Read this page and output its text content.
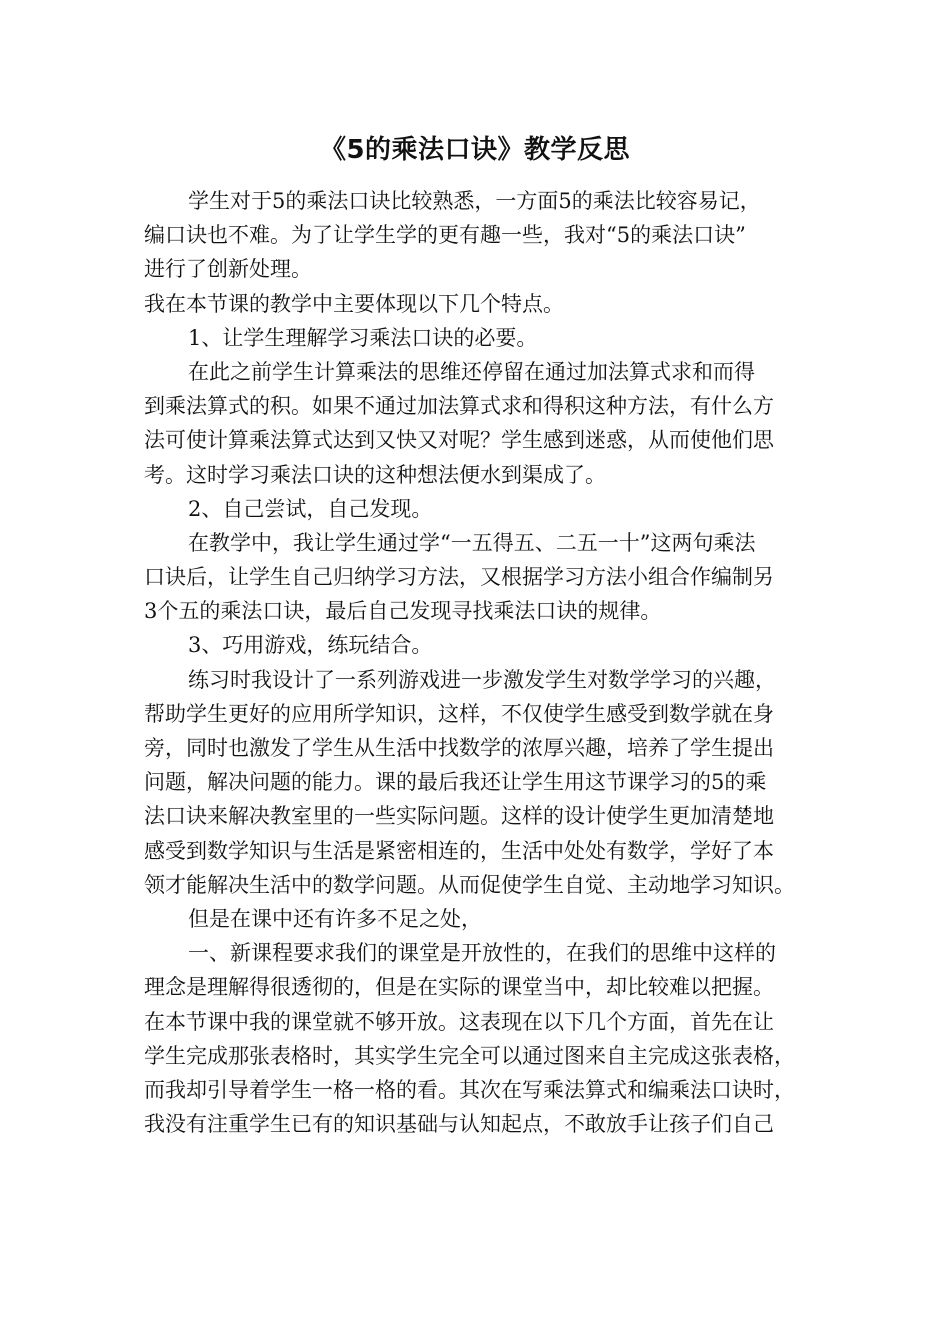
《5的乘法口诀》教学反思
学生对于5的乘法口诀比较熟悉，一方面5的乘法比较容易记，
编口诀也不难。为了让学生学的更有趣一些，我对“5的乘法口诀”
进行了创新处理。
我在本节课的教学中主要体现以下几个特点。
1、让学生理解学习乘法口诀的必要。
在此之前学生计算乘法的思维还停留在通过加法算式求和而得
到乘法算式的积。如果不通过加法算式求和得积这种方法，有什么方
法可使计算乘法算式达到又快又对呢？学生感到迷惑，从而使他们思
考。这时学习乘法口诀的这种想法便水到渠成了。
2、自己尝试，自己发现。
在教学中，我让学生通过学“一五得五、二五一十”这两句乘法
口诀后，让学生自己归纳学习方法，又根据学习方法小组合作编制另
3个五的乘法口诀，最后自己发现寻找乘法口诀的规律。
3、巧用游戏，练玩结合。
练习时我设计了一系列游戏进一步激发学生对数学学习的兴趣，
帮助学生更好的应用所学知识，这样，不仅使学生感受到数学就在身
旁，同时也激发了学生从生活中找数学的浓厚兴趣，培养了学生提出
问题，解决问题的能力。课的最后我还让学生用这节课学习的5的乘
法口诀来解决教室里的一些实际问题。这样的设计使学生更加清楚地
感受到数学知识与生活是紧密相连的，生活中处处有数学，学好了本
领才能解决生活中的数学问题。从而促使学生自觉、主动地学习知识。
但是在课中还有许多不足之处，
一、新课程要求我们的课堂是开放性的，在我们的思维中这样的
理念是理解得很透彻的，但是在实际的课堂当中，却比较难以把握。
在本节课中我的课堂就不够开放。这表现在以下几个方面，首先在让
学生完成那张表格时，其实学生完全可以通过图来自主完成这张表格，
而我却引导着学生一格一格的看。其次在写乘法算式和编乘法口诀时，
我没有注重学生已有的知识基础与认知起点，不敢放手让孩子们自己
